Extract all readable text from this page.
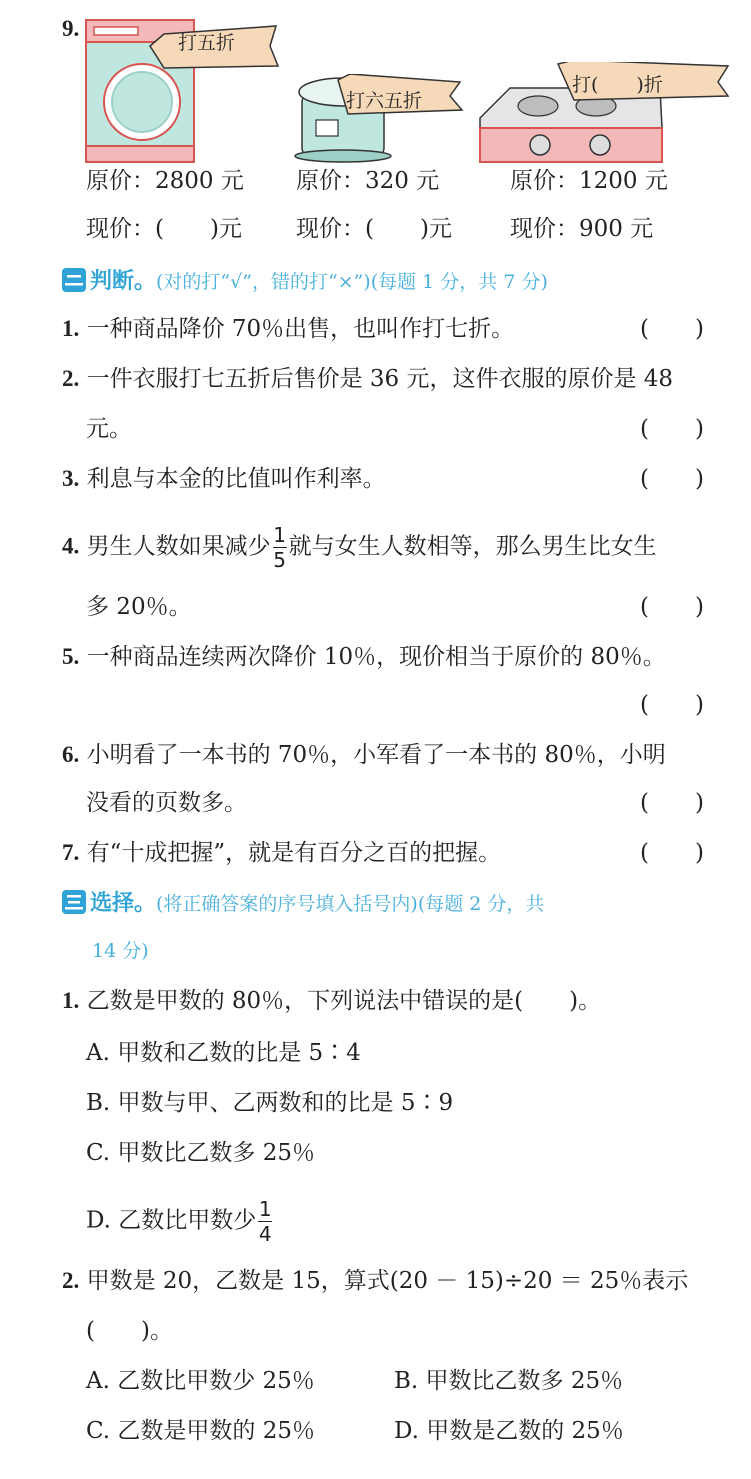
9.
打五折
打六五折
打(　　)折
原价：2800 元 原价：320 元	原价：1200 元
现价：(　　)元 现价：(　　)元	现价：900 元
判断。(对的打“√”，错的打“×”)(每题 1 分，共 7 分)
1. 一种商品降价 70％出售，也叫作打七折。	(　　)
2. 一件衣服打七五折后售价是 36 元，这件衣服的原价是 48
元。	(　　)
3. 利息与本金的比值叫作利率。	(　　)
4. 男生人数如果减少 $\frac{1}{5}$ 就与女生人数相等，那么男生比女生
多 20％。	(　　)
5. 一种商品连续两次降价 10％，现价相当于原价的 80％。
(　　)
6. 小明看了一本书的 70％，小军看了一本书的 80％，小明
没看的页数多。	(　　)
7. 有“十成把握”，就是有百分之百的把握。	(　　)
选择。(将正确答案的序号填入括号内)(每题 2 分，共
14 分)
1. 乙数是甲数的 80％，下列说法中错误的是(　　)。
A. 甲数和乙数的比是 5∶4
B. 甲数与甲、乙两数和的比是 5∶9
C. 甲数比乙数多 25％
D. 乙数比甲数少 $\frac{1}{4}$
2. 甲数是 20，乙数是 15，算式(20 － 15)÷20 ＝ 25％表示
(　　)。
A. 乙数比甲数少 25％	B. 甲数比乙数多 25％
C. 乙数是甲数的 25％	D. 甲数是乙数的 25％
